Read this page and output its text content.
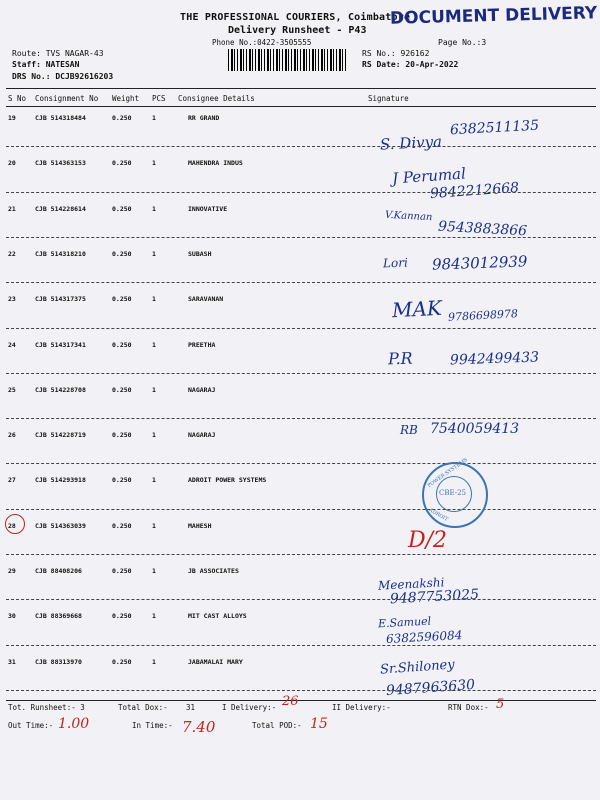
THE PROFESSIONAL COURIERS, Coimbatore
DOCUMENT DELIVERY
Delivery Runsheet - P43
Phone No.:0422-3505555	Page No.:3
Route: TVS NAGAR-43
Staff: NATESAN
DRS No.: DCJB92616203
RS No.: 926162
RS Date: 20-Apr-2022
S No Consignment No Weight PCS Consignee Details	Signature
19	CJB 514318484	0.250	1	RR GRAND
S. Divya
6382511135
20	CJB 514363153	0.250	1	MAHENDRA INDUS
J Perumal
9842212668
21	CJB 514228614	0.250	1	INNOVATIVE
V.Kannan
9543883866
22	CJB 514318210	0.250	1	SUBASH
Lori 9843012939
23	CJB 514317375	0.250	1	SARAVANAN	MAK 9786698978
24	CJB 514317341	0.250	1	PREETHA
P.R	9942499433
25	CJB 514228708	0.250	1	NAGARAJ
26	CJB 514228719	0.250	1	NAGARAJ	RB 7540059413
27	CJB 514293918	0.250	1	ADROIT POWER SYSTEMS
28	CJB 514363039	0.250	1	MAHESH
D/2
29	CJB 88408206	0.250	1	JB ASSOCIATES
Meenakshi
9487753025
30	CJB 88369668	0.250	1	MIT CAST ALLOYS	E.Samuel
6382596084
31	CJB 88313970	0.250	1	JABAMALAI MARY	Sr.Shiloney
9487963630
CBE-25
POWER SYSTEMS
ADROIT
Tot. Runsheet:- 3	Total Dox:- 31	I Delivery:- 26	II Delivery:-	RTN Dox:- 5
Out Time:- 1.00	In Time:- 7.40	Total POD:- 15
